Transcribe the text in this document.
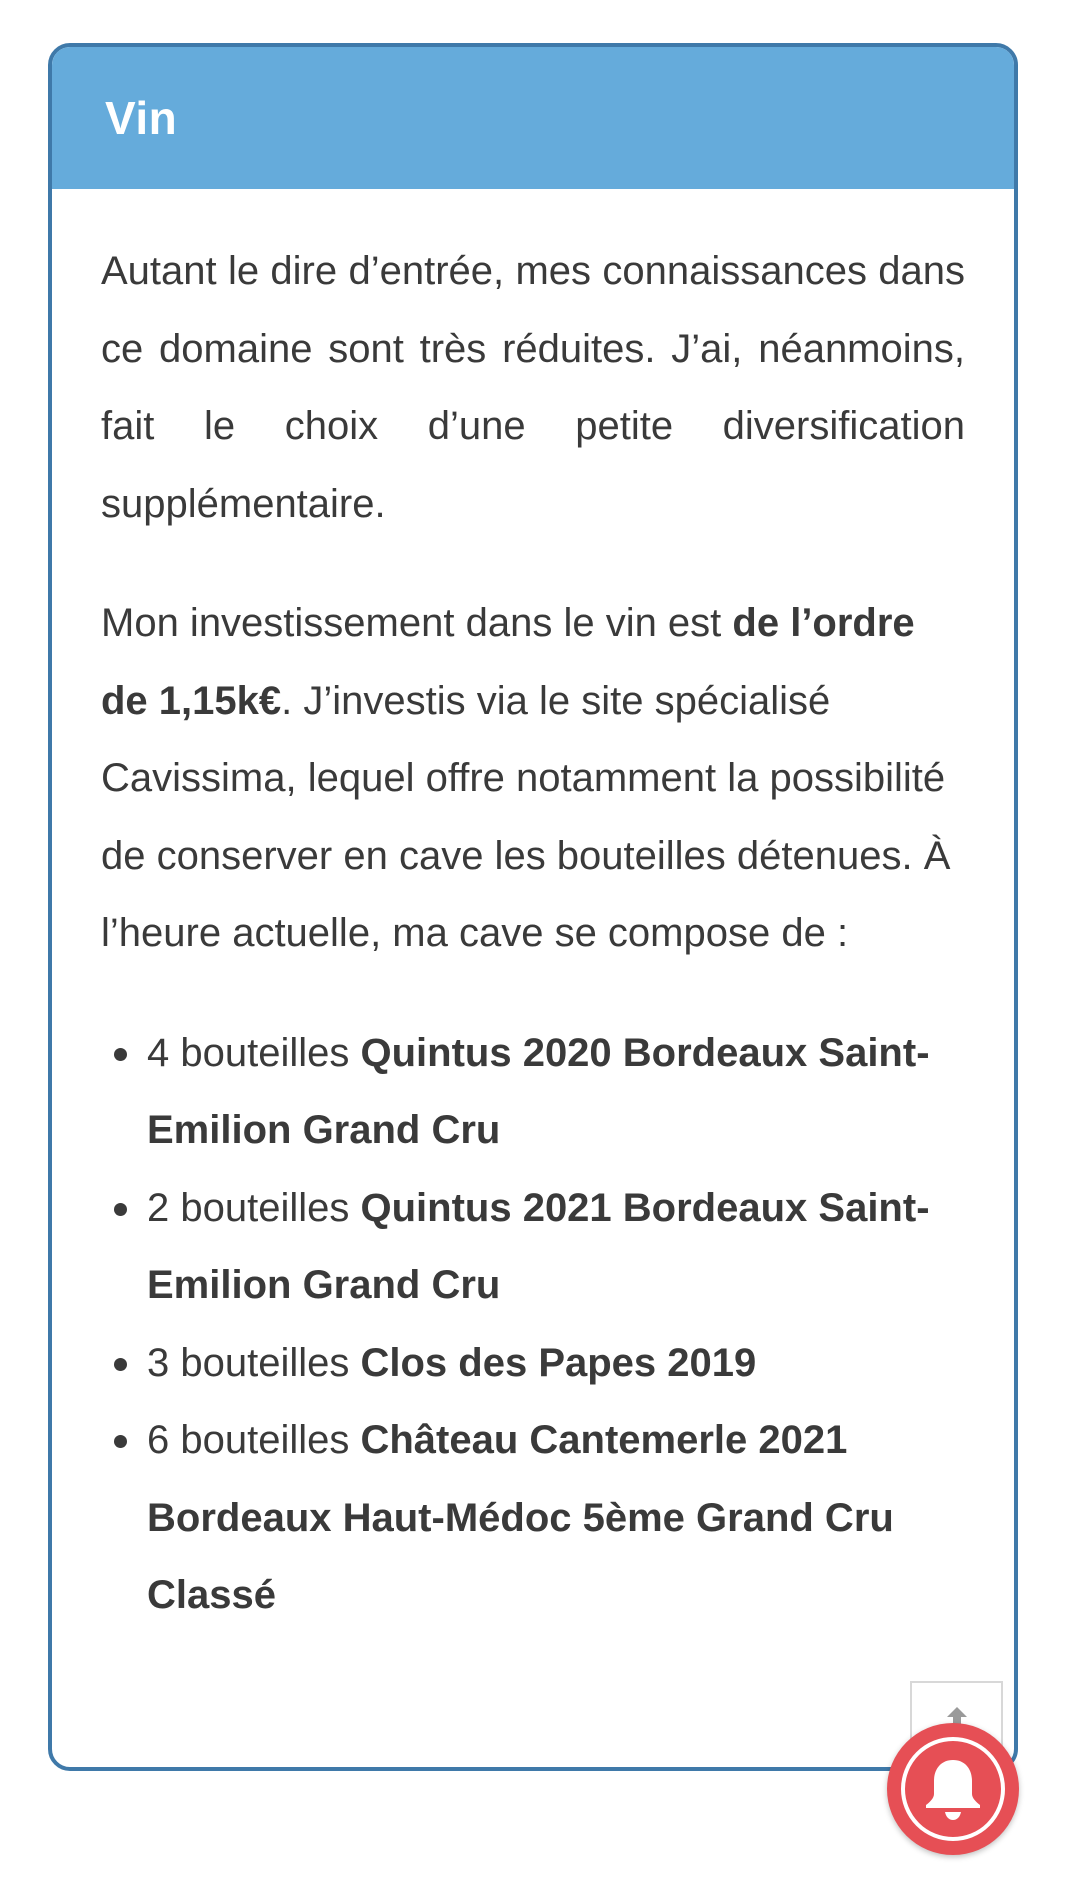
Vin

Autant le dire d’entrée, mes connaissances dans ce domaine sont très réduites. J’ai, néanmoins, fait le choix d’une petite diversification supplémentaire.

Mon investissement dans le vin est de l’ordre de 1,15k€. J’investis via le site spécialisé Cavissima, lequel offre notamment la possibilité de conserver en cave les bouteilles détenues. À l’heure actuelle, ma cave se compose de :

4 bouteilles Quintus 2020 Bordeaux Saint-Emilion Grand Cru
2 bouteilles Quintus 2021 Bordeaux Saint-Emilion Grand Cru
3 bouteilles Clos des Papes 2019
6 bouteilles Château Cantemerle 2021 Bordeaux Haut-Médoc 5ème Grand Cru Classé
